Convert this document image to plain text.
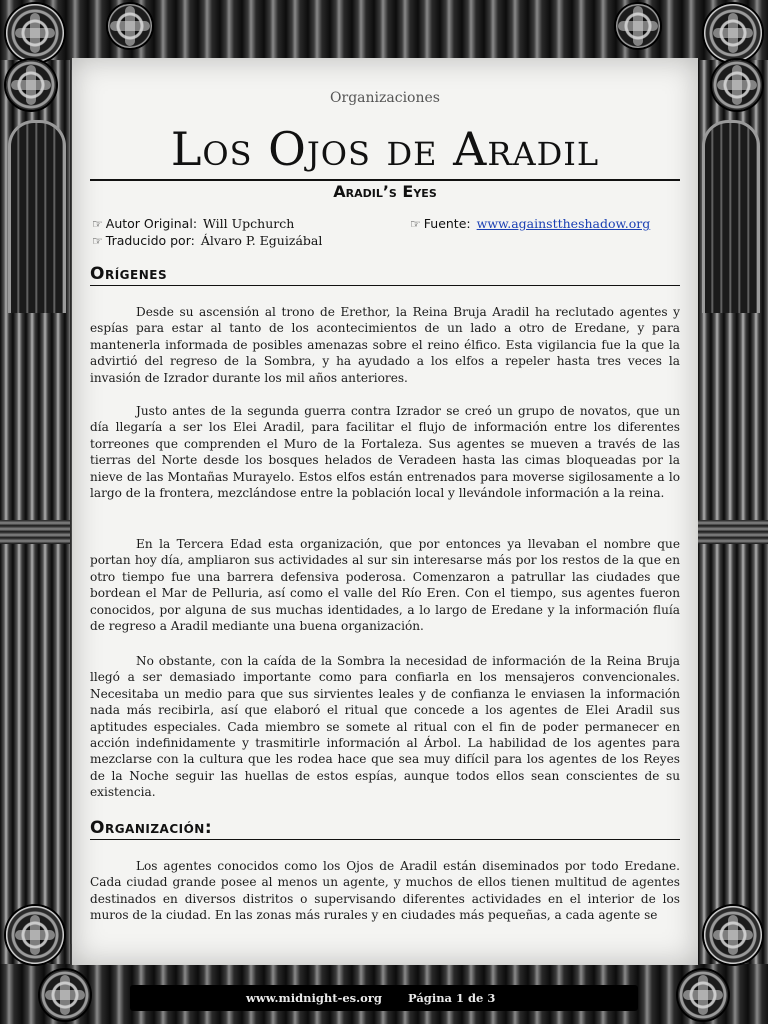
Organizaciones
Los Ojos de Aradil
Aradil’s Eyes
☞ Autor Original: Will Upchurch
☞ Traducido por: Álvaro P. Eguizábal
☞ Fuente: www.againsttheshadow.org
Orígenes

Desde su ascensión al trono de Erethor, la Reina Bruja Aradil ha reclutado agentes y espías para estar al tanto de los acontecimientos de un lado a otro de Eredane, y para mantenerla informada de posibles amenazas sobre el reino élfico. Esta vigilancia fue la que la advirtió del regreso de la Sombra, y ha ayudado a los elfos a repeler hasta tres veces la invasión de Izrador durante los mil años anteriores.

Justo antes de la segunda guerra contra Izrador se creó un grupo de novatos, que un día llegaría a ser los Elei Aradil, para facilitar el flujo de información entre los diferentes torreones que comprenden el Muro de la Fortaleza. Sus agentes se mueven a través de las tierras del Norte desde los bosques helados de Veradeen hasta las cimas bloqueadas por la nieve de las Montañas Murayelo. Estos elfos están entrenados para moverse sigilosamente a lo largo de la frontera, mezclándose entre la población local y llevándole información a la reina.

En la Tercera Edad esta organización, que por entonces ya llevaban el nombre que portan hoy día, ampliaron sus actividades al sur sin interesarse más por los restos de la que en otro tiempo fue una barrera defensiva poderosa. Comenzaron a patrullar las ciudades que bordean el Mar de Pelluria, así como el valle del Río Eren. Con el tiempo, sus agentes fueron conocidos, por alguna de sus muchas identidades, a lo largo de Eredane y la información fluía de regreso a Aradil mediante una buena organización.

No obstante, con la caída de la Sombra la necesidad de información de la Reina Bruja llegó a ser demasiado importante como para confiarla en los mensajeros convencionales. Necesitaba un medio para que sus sirvientes leales y de confianza le enviasen la información nada más recibirla, así que elaboró el ritual que concede a los agentes de Elei Aradil sus aptitudes especiales. Cada miembro se somete al ritual con el fin de poder permanecer en acción indefinidamente y trasmitirle información al Árbol. La habilidad de los agentes para mezclarse con la cultura que les rodea hace que sea muy difícil para los agentes de los Reyes de la Noche seguir las huellas de estos espías, aunque todos ellos sean conscientes de su existencia.

Organización:

Los agentes conocidos como los Ojos de Aradil están diseminados por todo Eredane. Cada ciudad grande posee al menos un agente, y muchos de ellos tienen multitud de agentes destinados en diversos distritos o supervisando diferentes actividades en el interior de los muros de la ciudad. En las zonas más rurales y en ciudades más pequeñas, a cada agente se

www.midnight-es.org Página 1 de 3
